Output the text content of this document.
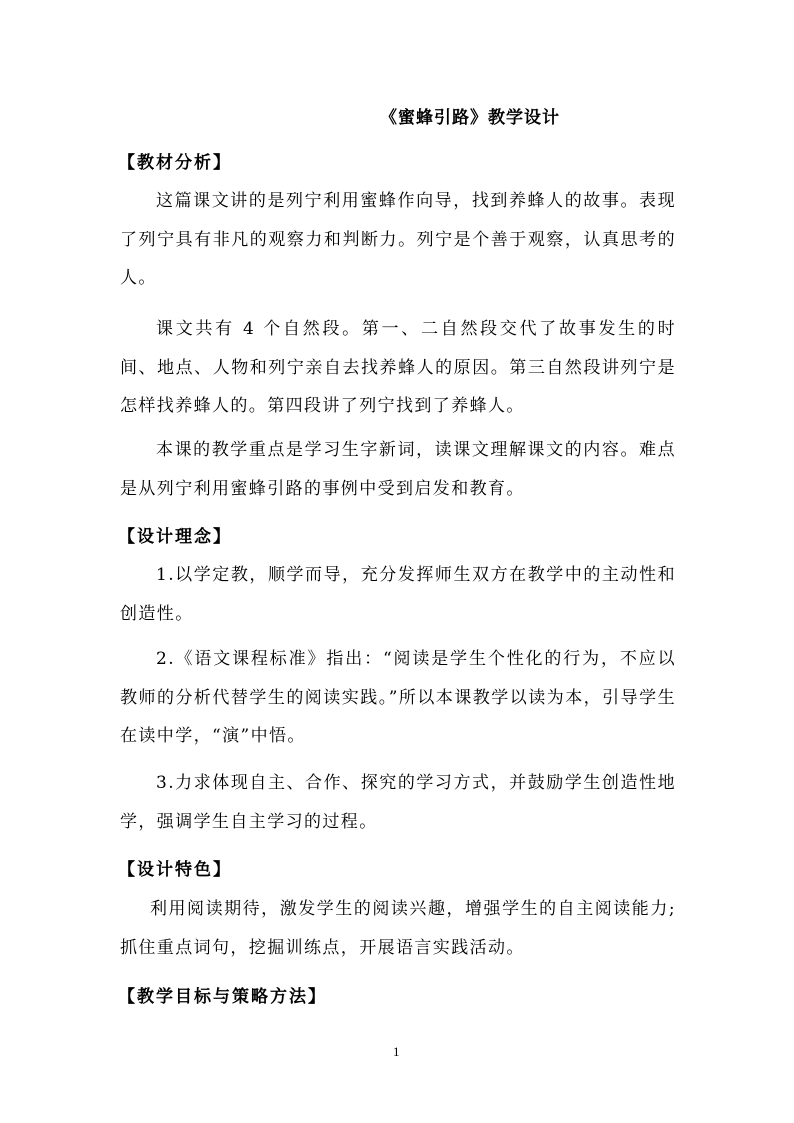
《蜜蜂引路》教学设计
【教材分析】

这篇课文讲的是列宁利用蜜蜂作向导，找到养蜂人的故事。表现了列宁具有非凡的观察力和判断力。列宁是个善于观察，认真思考的人。

课文共有 4 个自然段。第一、二自然段交代了故事发生的时间、地点、人物和列宁亲自去找养蜂人的原因。第三自然段讲列宁是怎样找养蜂人的。第四段讲了列宁找到了养蜂人。

本课的教学重点是学习生字新词，读课文理解课文的内容。难点是从列宁利用蜜蜂引路的事例中受到启发和教育。

【设计理念】

1.以学定教，顺学而导，充分发挥师生双方在教学中的主动性和创造性。

2.《语文课程标准》指出：“阅读是学生个性化的行为，不应以教师的分析代替学生的阅读实践。”所以本课教学以读为本，引导学生在读中学，“演”中悟。

3.力求体现自主、合作、探究的学习方式，并鼓励学生创造性地学，强调学生自主学习的过程。

【设计特色】

利用阅读期待，激发学生的阅读兴趣，增强学生的自主阅读能力;抓住重点词句，挖掘训练点，开展语言实践活动。

【教学目标与策略方法】
1
